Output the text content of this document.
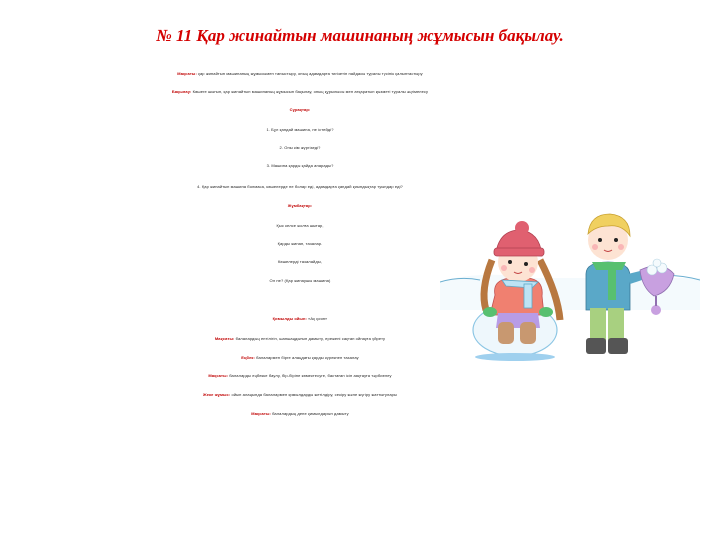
№ 11 Қар жинайтын машинаның жұмысын бақылау.
Мақсаты: қар жинайтын машинаның жұмысымен таныстыру, оның адамдарға тигізетін пайдасы туралы түсінік қалыптастыру
Бақылау: Көшеге шығып, қар жинайтын машинаның жұмысын бақылау, оның құрылысы мен атқаратын қызметі туралы әңгімелесу
Сұрақтар:
1. Бұл қандай машина, не істейді?
2. Оны кім жүргізеді?
3. Машина қарды қайда апарады?
4. Қар жинайтын машина болмаса, көшелерде не болар еді, адамдарға қандай қиындықтар туындар еді?
Жұмбақтар:
Қыс келсе жолға шығар,
Қарды жинап, тазалар.
Көшелерді тазалайды,
Ол не? (Қар жинаушы машина)
Қимылды ойын: «Ақ қоян»
Мақсаты: балалардың ептілігін, шапшаңдығын дамыту, ережені сақтап ойнауға үйрету
Еңбек: балалармен бірге алаңдағы қарды күрекпен тазалау
Мақсаты: балаларды еңбекке баулу, бір-біріне көмектесуге, бастаған ісін аяқтауға тәрбиелеу
Жеке жұмыс: ойын алаңында балалармен қимылдарды жетілдіру, секіру және жүгіру жаттығулары
Мақсаты: балалардың дене қимылдарын дамыту
